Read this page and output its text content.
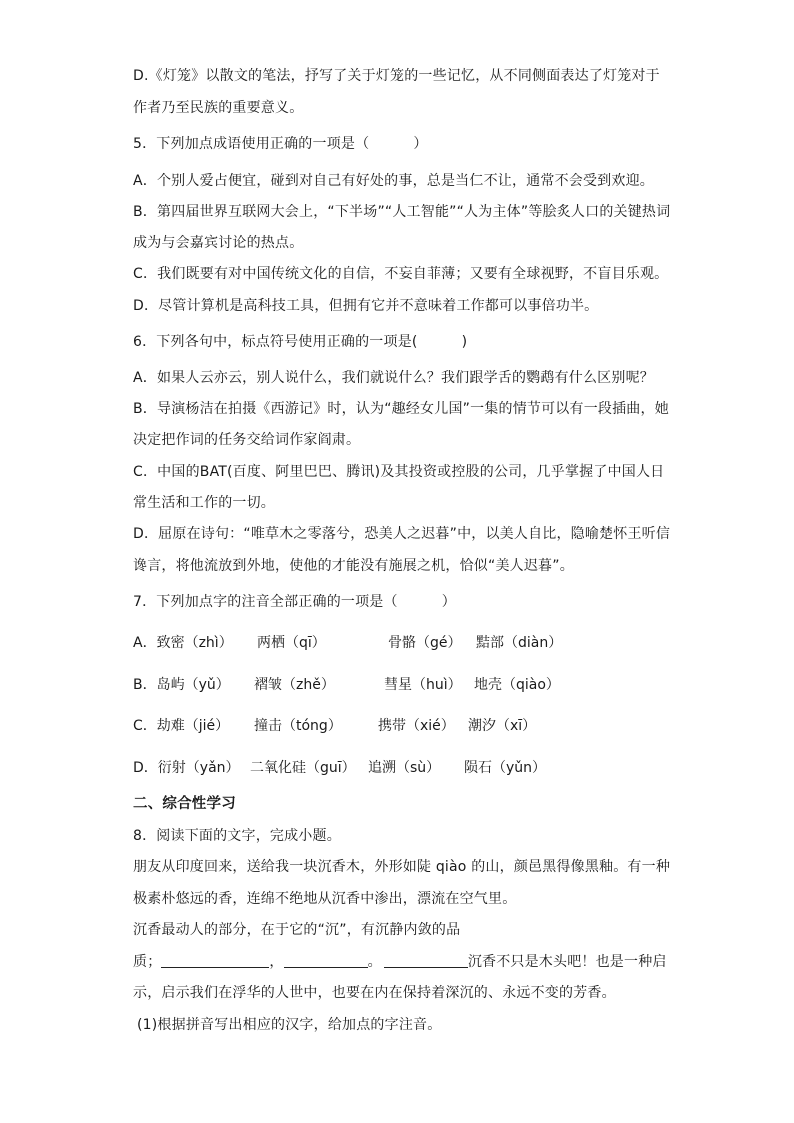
D.《灯笼》以散文的笔法，抒写了关于灯笼的一些记忆，从不同侧面表达了灯笼对于
作者乃至民族的重要意义。
5．下列加点成语使用正确的一项是（	）
A．个别人爱占便宜，碰到对自己有好处的事，总是当仁不让，通常不会受到欢迎。
B．第四届世界互联网大会上，“下半场”“人工智能”“人为主体”等脍炙人口的关键热词
成为与会嘉宾讨论的热点。
C．我们既要有对中国传统文化的自信，不妄自菲薄；又要有全球视野，不盲目乐观。
D．尽管计算机是高科技工具，但拥有它并不意味着工作都可以事倍功半。
6．下列各句中，标点符号使用正确的一项是(	)
A．如果人云亦云，别人说什么，我们就说什么？我们跟学舌的鹦鹉有什么区别呢？
B．导演杨洁在拍摄《西游记》时，认为“趣经女儿国”一集的情节可以有一段插曲，她
决定把作词的任务交给词作家阎肃。
C．中国的BAT(百度、阿里巴巴、腾讯)及其投资或控股的公司，几乎掌握了中国人日
常生活和工作的一切。
D．屈原在诗句：“唯草木之零落兮，恐美人之迟暮”中，以美人自比，隐喻楚怀王听信
谗言，将他流放到外地，使他的才能没有施展之机，恰似“美人迟暮”。
7．下列加点字的注音全部正确的一项是（	）
A．致密（zhì） 两栖（qī）	骨骼（gé） 黠部（diàn）
B．岛屿（yǔ） 褶皱（zhě）	彗星（huì） 地壳（qiào）
C．劫难（jié） 撞击（tóng）	携带（xié） 潮汐（xī）
D．衍射（yǎn） 二氧化硅（guī） 追溯（sù） 陨石（yǔn）
二、综合性学习
8．阅读下面的文字，完成小题。
朋友从印度回来，送给我一块沉香木，外形如陡 qiào 的山，颜邑黑得像黑釉。有一种
极素朴悠远的香，连绵不绝地从沉香中渗出，漂流在空气里。
沉香最动人的部分，在于它的“沉”，有沉静内敛的品
质；	，	。	沉香不只是木头吧！也是一种启
示，启示我们在浮华的人世中，也要在内在保持着深沉的、永远不变的芳香。
(1)根据拼音写出相应的汉字，给加点的字注音。
